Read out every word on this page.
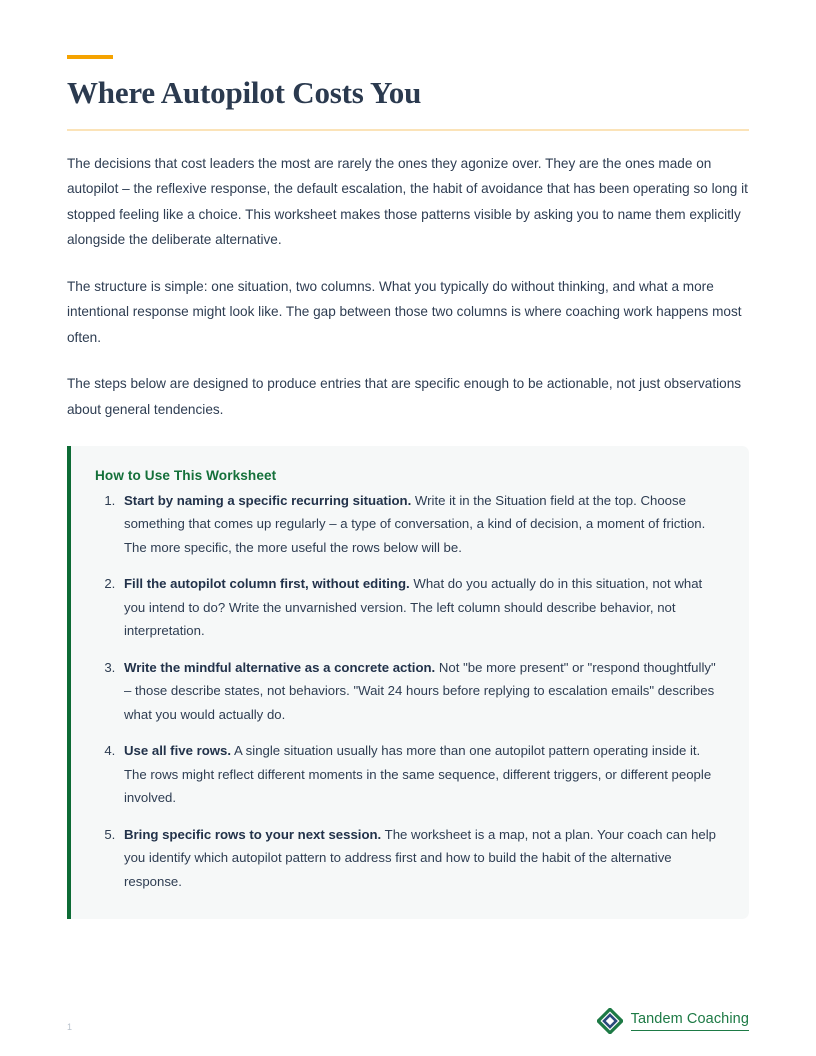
Where Autopilot Costs You

The decisions that cost leaders the most are rarely the ones they agonize over. They are the ones made on autopilot – the reflexive response, the default escalation, the habit of avoidance that has been operating so long it stopped feeling like a choice. This worksheet makes those patterns visible by asking you to name them explicitly alongside the deliberate alternative.

The structure is simple: one situation, two columns. What you typically do without thinking, and what a more intentional response might look like. The gap between those two columns is where coaching work happens most often.

The steps below are designed to produce entries that are specific enough to be actionable, not just observations about general tendencies.

How to Use This Worksheet
1. Start by naming a specific recurring situation. Write it in the Situation field at the top. Choose something that comes up regularly – a type of conversation, a kind of decision, a moment of friction. The more specific, the more useful the rows below will be.
2. Fill the autopilot column first, without editing. What do you actually do in this situation, not what you intend to do? Write the unvarnished version. The left column should describe behavior, not interpretation.
3. Write the mindful alternative as a concrete action. Not "be more present" or "respond thoughtfully" – those describe states, not behaviors. "Wait 24 hours before replying to escalation emails" describes what you would actually do.
4. Use all five rows. A single situation usually has more than one autopilot pattern operating inside it. The rows might reflect different moments in the same sequence, different triggers, or different people involved.
5. Bring specific rows to your next session. The worksheet is a map, not a plan. Your coach can help you identify which autopilot pattern to address first and how to build the habit of the alternative response.
1	Tandem Coaching
